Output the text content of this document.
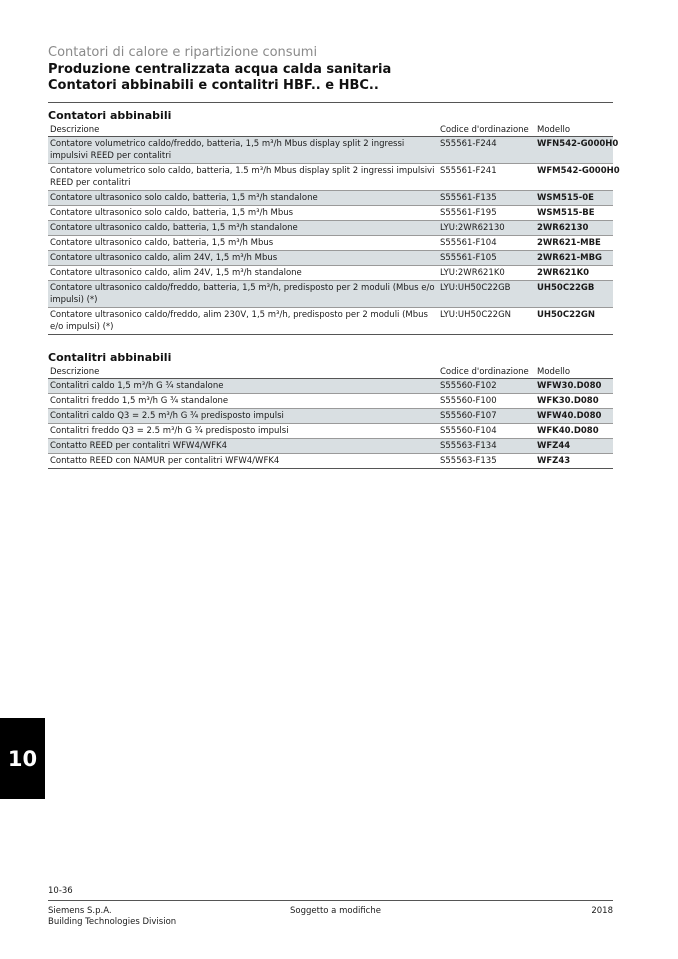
Contatori di calore e ripartizione consumi
Produzione centralizzata acqua calda sanitaria
Contatori abbinabili e contalitri HBF.. e HBC..
Contatori abbinabili
Descrizione	Codice d'ordinazione	Modello
Contatore volumetrico caldo/freddo, batteria, 1,5 m³/h Mbus display split 2 ingressi impulsivi REED per contalitri	S55561-F244	WFN542-G000H0
Contatore volumetrico solo caldo, batteria, 1.5 m³/h Mbus display split 2 ingressi impulsivi REED per contalitri	S55561-F241	WFM542-G000H0
Contatore ultrasonico solo caldo, batteria, 1,5 m³/h standalone	S55561-F135	WSM515-0E
Contatore ultrasonico solo caldo, batteria, 1,5 m³/h Mbus	S55561-F195	WSM515-BE
Contatore ultrasonico caldo, batteria, 1,5 m³/h standalone	LYU:2WR62130	2WR62130
Contatore ultrasonico caldo, batteria, 1,5 m³/h Mbus	S55561-F104	2WR621-MBE
Contatore ultrasonico caldo, alim 24V, 1,5 m³/h Mbus	S55561-F105	2WR621-MBG
Contatore ultrasonico caldo, alim 24V, 1,5 m³/h standalone	LYU:2WR621K0	2WR621K0
Contatore ultrasonico caldo/freddo, batteria, 1,5 m³/h, predisposto per 2 moduli (Mbus e/o impulsi) (*)	LYU:UH50C22GB	UH50C22GB
Contatore ultrasonico caldo/freddo, alim 230V, 1,5 m³/h, predisposto per 2 moduli (Mbus e/o impulsi) (*)	LYU:UH50C22GN	UH50C22GN
Contalitri abbinabili
Descrizione	Codice d'ordinazione	Modello
Contalitri caldo 1,5 m³/h G ¾ standalone	S55560-F102	WFW30.D080
Contalitri freddo 1,5 m³/h G ¾ standalone	S55560-F100	WFK30.D080
Contalitri caldo Q3 = 2.5 m³/h G ¾ predisposto impulsi	S55560-F107	WFW40.D080
Contalitri freddo Q3 = 2.5 m³/h G ¾ predisposto impulsi	S55560-F104	WFK40.D080
Contatto REED per contalitri WFW4/WFK4	S55563-F134	WFZ44
Contatto REED con NAMUR per contalitri WFW4/WFK4	S55563-F135	WFZ43
10
10-36
Siemens S.p.A.
Building Technologies Division
Soggetto a modifiche	2018
